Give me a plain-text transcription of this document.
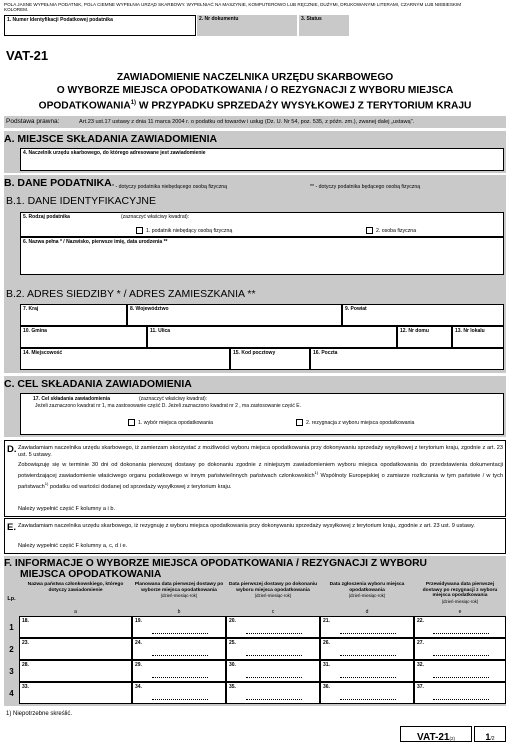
POLA JASNE WYPEŁNIA PODATNIK, POLA CIEMNE WYPEŁNIA URZĄD SKARBOWY. WYPEŁNIAĆ NA MASZYNIE, KOMPUTEROWO LUB RĘCZNIE, DUŻYMI, DRUKOWANYMI LITERAMI, CZARNYM LUB NIEBIESKIM KOLOREM.
1. Numer Identyfikacji Podatkowej podatnika	2. Nr dokumentu	3. Status
VAT-21
ZAWIADOMIENIE NACZELNIKA URZĘDU SKARBOWEGO
O WYBORZE MIEJSCA OPODATKOWANIA / O REZYGNACJI Z WYBORU MIEJSCA
OPODATKOWANIA$^{1)}$ W PRZYPADKU SPRZEDAŻY WYSYŁKOWEJ Z TERYTORIUM KRAJU
Podstawa prawna:	Art.23 ust.17 ustawy z dnia 11 marca 2004 r. o podatku od towarów i usług (Dz. U. Nr 54, poz. 535, z późn. zm.), zwanej dalej „ustawą".
A. MIEJSCE SKŁADANIA ZAWIADOMIENIA
4. Naczelnik urzędu skarbowego, do którego adresowane jest zawiadomienie
B. DANE PODATNIKA * - dotyczy podatnika niebędącego osobą fizyczną	** - dotyczy podatnika będącego osobą fizyczną
B.1. DANE IDENTYFIKACYJNE
5. Rodzaj podatnika	(zaznaczyć właściwy kwadrat):
1. podatnik niebędący osobą fizyczną	2. osoba fizyczna
6. Nazwa pełna * / Nazwisko, pierwsze imię, data urodzenia **
B.2. ADRES SIEDZIBY * / ADRES ZAMIESZKANIA **
7. Kraj	8. Województwo	9. Powiat
10. Gmina	11. Ulica	12. Nr domu	13. Nr lokalu
14. Miejscowość	15. Kod pocztowy	16. Poczta
C. CEL SKŁADANIA ZAWIADOMIENIA
17. Cel składania zawiadomienia	(zaznaczyć właściwy kwadrat):
Jeżeli zaznaczono kwadrat nr 1, ma zastosowanie część D. Jeżeli zaznaczono kwadrat nr 2 , ma zastosowanie część E.
1. wybór miejsca opodatkowania	2. rezygnacja z wyboru miejsca opodatkowania
D. Zawiadamiam naczelnika urzędu skarbowego, iż zamierzam skorzystać z możliwości wyboru miejsca opodatkowania przy dokonywaniu sprzedaży wysyłkowej z terytorium kraju, zgodnie z art. 23 ust. 5 ustawy.
Zobowiązuję się w terminie 30 dni od dokonania pierwszej dostawy po dokonaniu zgodnie z niniejszym zawiadomieniem wyboru miejsca opodatkowania do przedstawienia dokumentacji potwierdzającej zawiadomienie właściwego organu podatkowego w innym państwie/innych państwach członkowskich$^{1)}$ Wspólnoty Europejskiej o zamiarze rozliczania w tym państwie / w tych państwach$^{1)}$ podatku od wartości dodanej od sprzedaży wysyłkowej z terytorium kraju.
Należy wypełnić część F kolumny a i b.
E. Zawiadamiam naczelnika urzędu skarbowego, iż rezygnuję z wyboru miejsca opodatkowania przy dokonywaniu sprzedaży wysyłkowej z terytorium kraju, zgodnie z art. 23 ust. 9 ustawy.
Należy wypełnić część F kolumny a, c, d i e.
F. INFORMACJE O WYBORZE MIEJSCA OPODATKOWANIA / REZYGNACJI Z WYBORU
MIEJSCA OPODATKOWANIA
Lp.
Nazwa państwa członkowskiego, którego dotyczy zawiadomienie
a
Planowana data pierwszej dostawy po wyborze miejsca opodatkowania
(dzień-miesiąc-rok)
b
Data pierwszej dostawy po dokonaniu wyboru miejsca opodatkowania
(dzień-miesiąc-rok)
c
Data zgłoszenia wyboru miejsca opodatkowania
(dzień-miesiąc-rok)
d
Przewidywana data pierwszej dostawy po rezygnacji z wyboru miejsca opodatkowania
(dzień-miesiąc-rok)
e
1
18.	19.	20.	21.	22.
2
23.	24.	25.	26.	27.
3
28.	29.	30.	31.	32.
4
33.	34.	35.	36.	37.
1) Niepotrzebne skreślić.
VAT-21(2)	1/2
